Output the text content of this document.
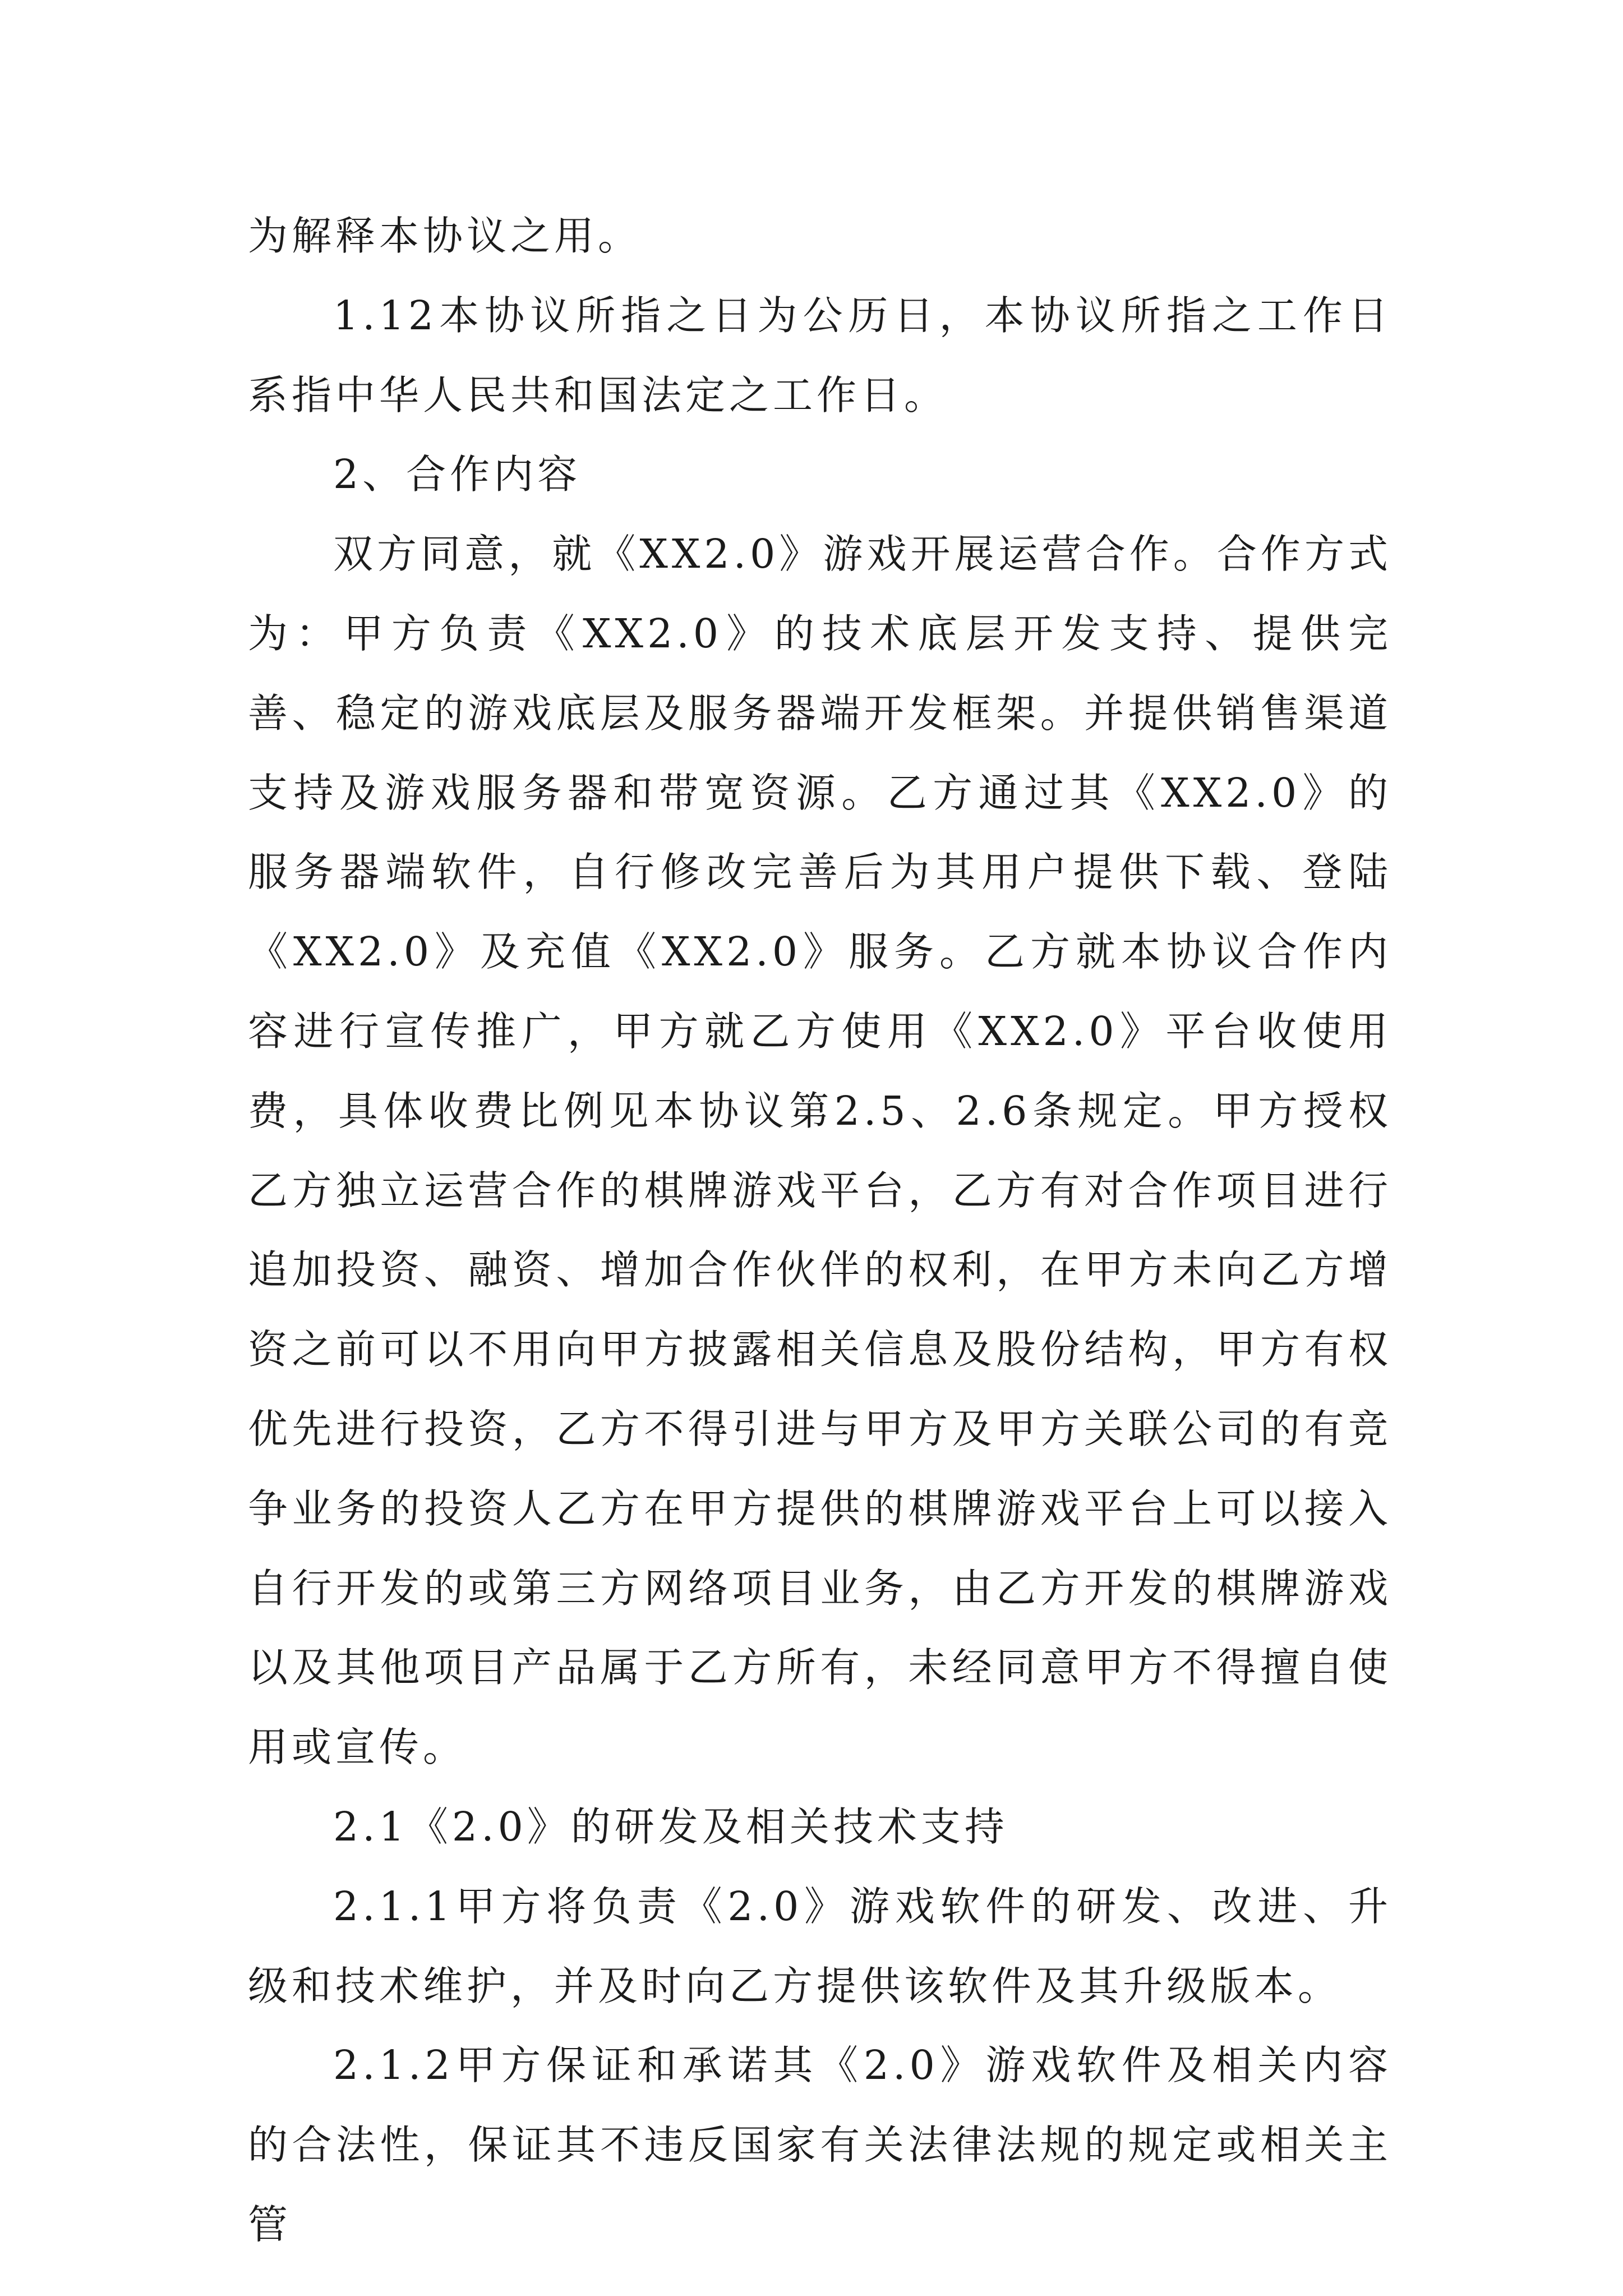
为解释本协议之用。

1.12本协议所指之日为公历日，本协议所指之工作日系指中华人民共和国法定之工作日。

2、合作内容

双方同意，就《XX2.0》游戏开展运营合作。合作方式为：甲方负责《XX2.0》的技术底层开发支持、提供完善、稳定的游戏底层及服务器端开发框架。并提供销售渠道支持及游戏服务器和带宽资源。乙方通过其《XX2.0》的服务器端软件，自行修改完善后为其用户提供下载、登陆《XX2.0》及充值《XX2.0》服务。乙方就本协议合作内容进行宣传推广，甲方就乙方使用《XX2.0》平台收使用费，具体收费比例见本协议第2.5、2.6条规定。甲方授权乙方独立运营合作的棋牌游戏平台，乙方有对合作项目进行追加投资、融资、增加合作伙伴的权利，在甲方未向乙方增资之前可以不用向甲方披露相关信息及股份结构，甲方有权优先进行投资，乙方不得引进与甲方及甲方关联公司的有竞争业务的投资人乙方在甲方提供的棋牌游戏平台上可以接入自行开发的或第三方网络项目业务，由乙方开发的棋牌游戏以及其他项目产品属于乙方所有，未经同意甲方不得擅自使用或宣传。

2.1《2.0》的研发及相关技术支持

2.1.1甲方将负责《2.0》游戏软件的研发、改进、升级和技术维护，并及时向乙方提供该软件及其升级版本。

2.1.2甲方保证和承诺其《2.0》游戏软件及相关内容的合法性，保证其不违反国家有关法律法规的规定或相关主管
